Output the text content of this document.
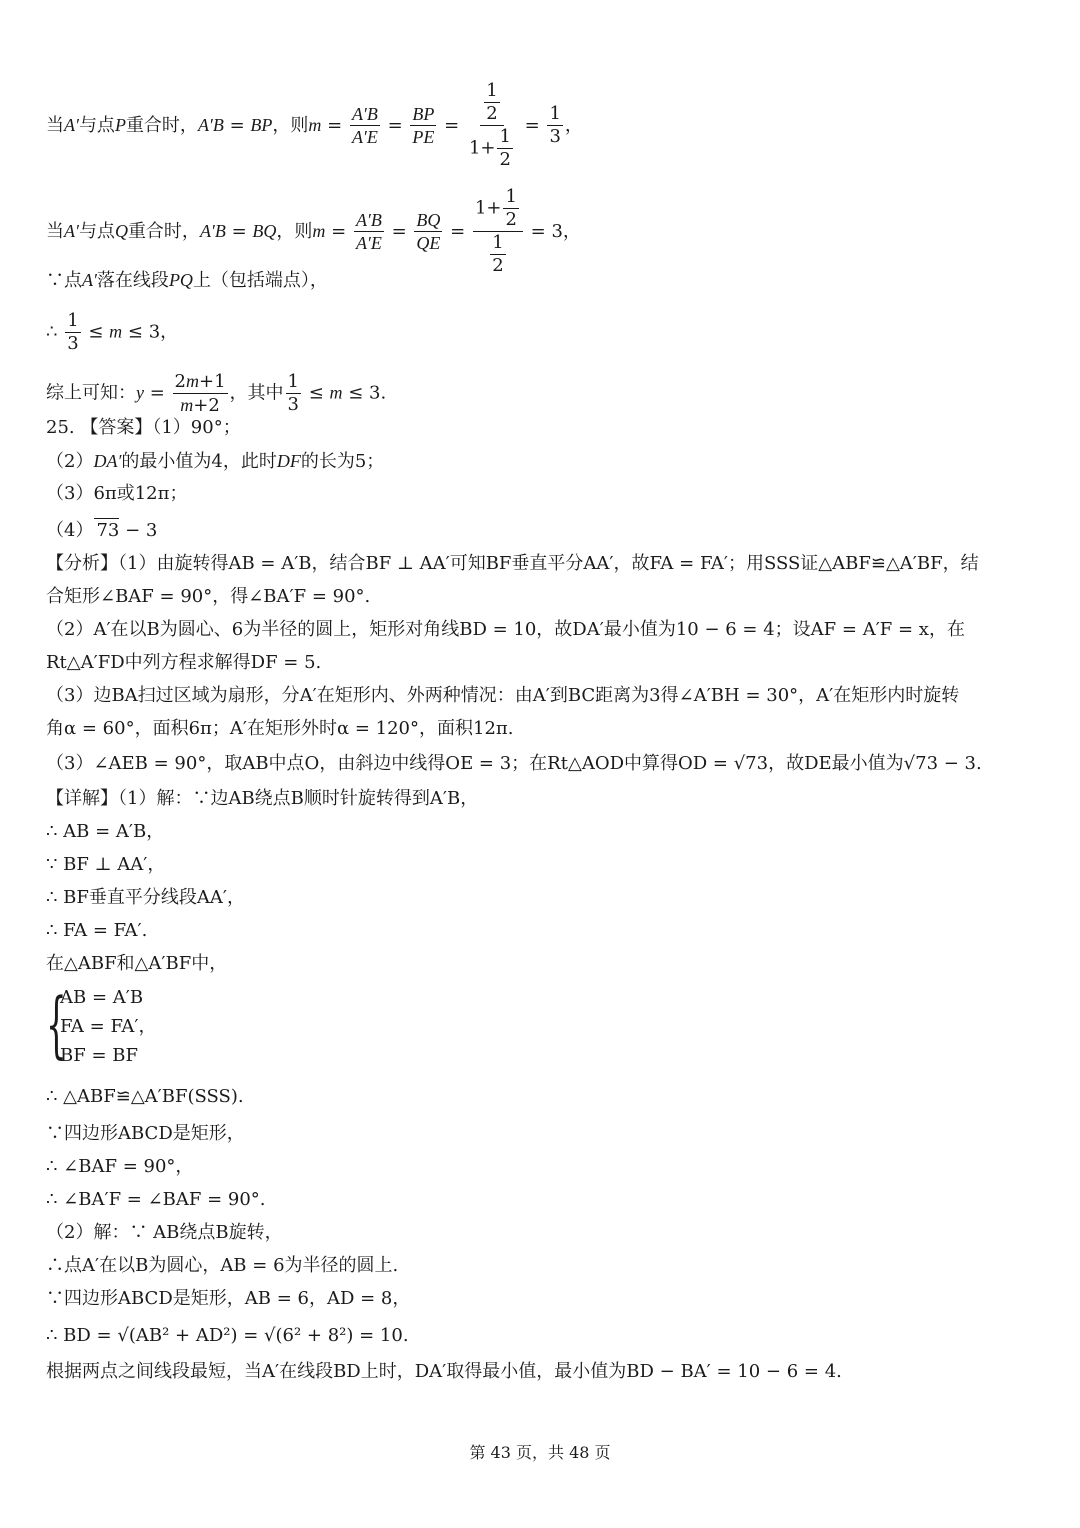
当A′与点P重合时，A′B = BP，则$m = \frac{A'B}{A'E} = \frac{BP}{PE} = \frac{\frac{1}{2}}{1+ \frac{1}{2}} = \frac{1}{3}$ ，
当A′与点Q重合时，A′B = BQ，则$m = \frac{A'B}{A'E} = \frac{BQ}{QE} = \frac{1+ \frac{1}{2}}{\frac{1}{2}} = 3$，
∵点A′落在线段PQ上（包括端点），
∴ $\frac{1}{3} \le m \le 3$，
综上可知：$y = \frac{2m+1}{m+2}$ ，其中 $\frac{1}{3} \le m \le 3$.
25. 【答案】（1）90°；
（2）DA′的最小值为4，此时DF的长为5；
（3）6π或12π；
（4） 73 − 3
【分析】（1）由旋转得AB = A′B，结合BF ⊥ AA′可知BF垂直平分AA′，故FA = FA′；用SSS证△ABF≌△A′BF，结
合矩形∠BAF = 90°，得∠BA′F = 90°.
（2）A′在以B为圆心、6为半径的圆上，矩形对角线BD = 10，故DA′最小值为10 − 6 = 4；设AF = A′F = x，在
Rt△A′FD中列方程求解得DF = 5.
（3）边BA扫过区域为扇形，分A′在矩形内、外两种情况：由A′到BC距离为3得∠A′BH = 30°，A′在矩形内时旋转
角α = 60°，面积6π；A′在矩形外时α = 120°，面积12π.
（3）∠AEB = 90°，取AB中点O，由斜边中线得OE = 3；在Rt△AOD中算得OD = √73，故DE最小值为√73 − 3.
【详解】（1）解：∵边AB绕点B顺时针旋转得到A′B，
∴ AB = A′B，
∵ BF ⊥ AA′，
∴ BF垂直平分线段AA′，
∴ FA = FA′.
在△ABF和△A′BF中，
{
AB = A′B
FA = FA′，
BF = BF
∴ △ABF≌△A′BF(SSS).
∵四边形ABCD是矩形，
∴ ∠BAF = 90°，
∴ ∠BA′F = ∠BAF = 90°.
（2）解：∵ AB绕点B旋转，
∴点A′在以B为圆心，AB = 6为半径的圆上.
∵四边形ABCD是矩形，AB = 6，AD = 8，
∴ BD = √(AB² + AD²) = √(6² + 8²) = 10.
根据两点之间线段最短，当A′在线段BD上时，DA′取得最小值，最小值为BD − BA′ = 10 − 6 = 4.
第 43 页，共 48 页
